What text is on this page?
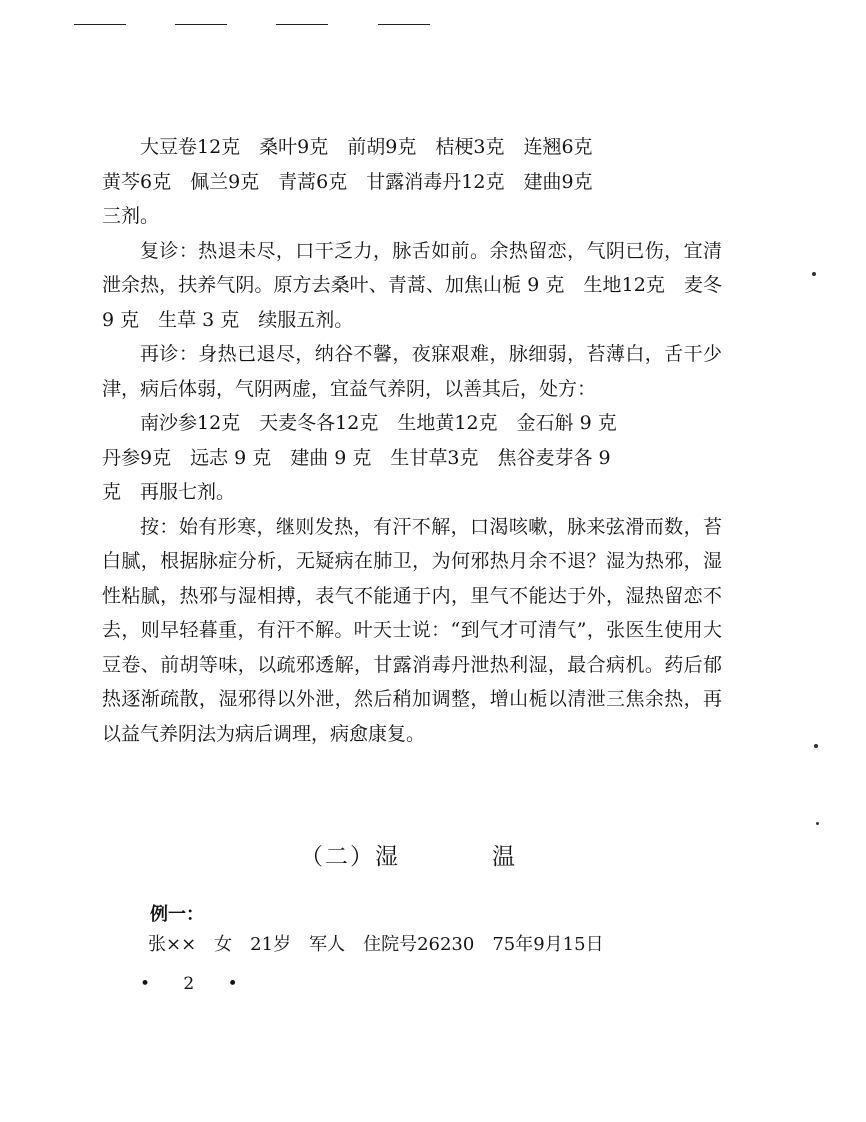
大豆卷12克　桑叶9克　前胡9克　桔梗3克　连翘6克

黄芩6克　佩兰9克　青蒿6克　甘露消毒丹12克　建曲9克

三剂。

复诊：热退未尽，口干乏力，脉舌如前。余热留恋，气阴已伤，宜清泄余热，扶养气阴。原方去桑叶、青蒿、加焦山栀 9 克　生地12克　麦冬 9 克　生草 3 克　续服五剂。

再诊：身热已退尽，纳谷不馨，夜寐艰难，脉细弱，苔薄白，舌干少津，病后体弱，气阴两虚，宜益气养阴，以善其后，处方：

南沙参12克　天麦冬各12克　生地黄12克　金石斛 9 克

丹参9克　远志 9 克　建曲 9 克　生甘草3克　焦谷麦芽各 9

克　再服七剂。

按：始有形寒，继则发热，有汗不解，口渴咳嗽，脉来弦滑而数，苔白腻，根据脉症分析，无疑病在肺卫，为何邪热月余不退？湿为热邪，湿性粘腻，热邪与湿相搏，表气不能通于内，里气不能达于外，湿热留恋不去，则早轻暮重，有汗不解。叶天士说：“到气才可清气”，张医生使用大豆卷、前胡等味，以疏邪透解，甘露消毒丹泄热利湿，最合病机。药后郁热逐渐疏散，湿邪得以外泄，然后稍加调整，增山栀以清泄三焦余热，再以益气养阴法为病后调理，病愈康复。

（二）湿	温
例一：
张××　女　21岁　军人　住院号26230　75年9月15日
• 2 •
